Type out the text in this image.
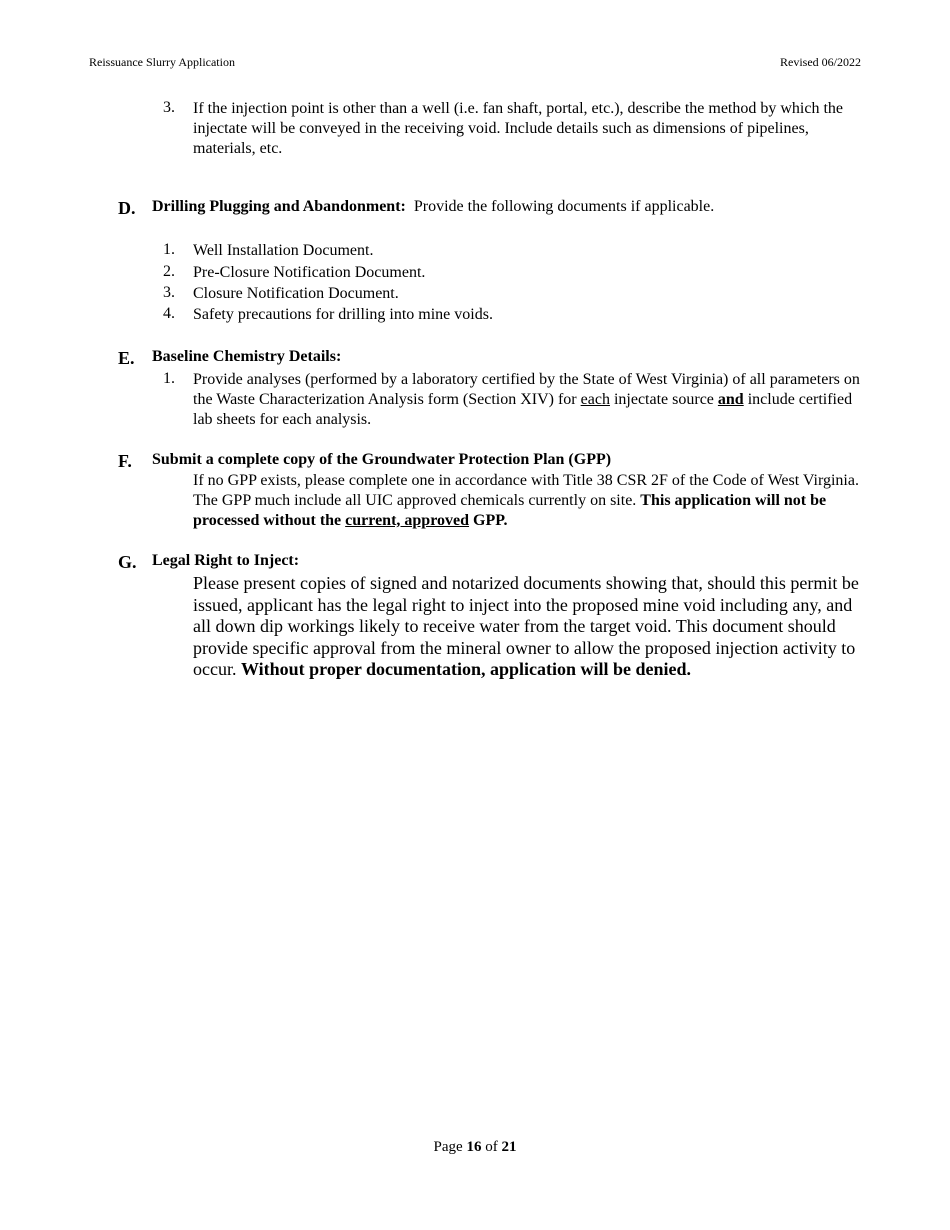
Reissuance Slurry Application	Revised 06/2022
3. If the injection point is other than a well (i.e. fan shaft, portal, etc.), describe the method by which the injectate will be conveyed in the receiving void. Include details such as dimensions of pipelines, materials, etc.
D. Drilling Plugging and Abandonment: Provide the following documents if applicable.
1. Well Installation Document.
2. Pre-Closure Notification Document.
3. Closure Notification Document.
4. Safety precautions for drilling into mine voids.
E. Baseline Chemistry Details:
1. Provide analyses (performed by a laboratory certified by the State of West Virginia) of all parameters on the Waste Characterization Analysis form (Section XIV) for each injectate source and include certified lab sheets for each analysis.
F. Submit a complete copy of the Groundwater Protection Plan (GPP)
If no GPP exists, please complete one in accordance with Title 38 CSR 2F of the Code of West Virginia. The GPP much include all UIC approved chemicals currently on site. This application will not be processed without the current, approved GPP.
G. Legal Right to Inject:
Please present copies of signed and notarized documents showing that, should this permit be issued, applicant has the legal right to inject into the proposed mine void including any, and all down dip workings likely to receive water from the target void. This document should provide specific approval from the mineral owner to allow the proposed injection activity to occur. Without proper documentation, application will be denied.
Page 16 of 21
